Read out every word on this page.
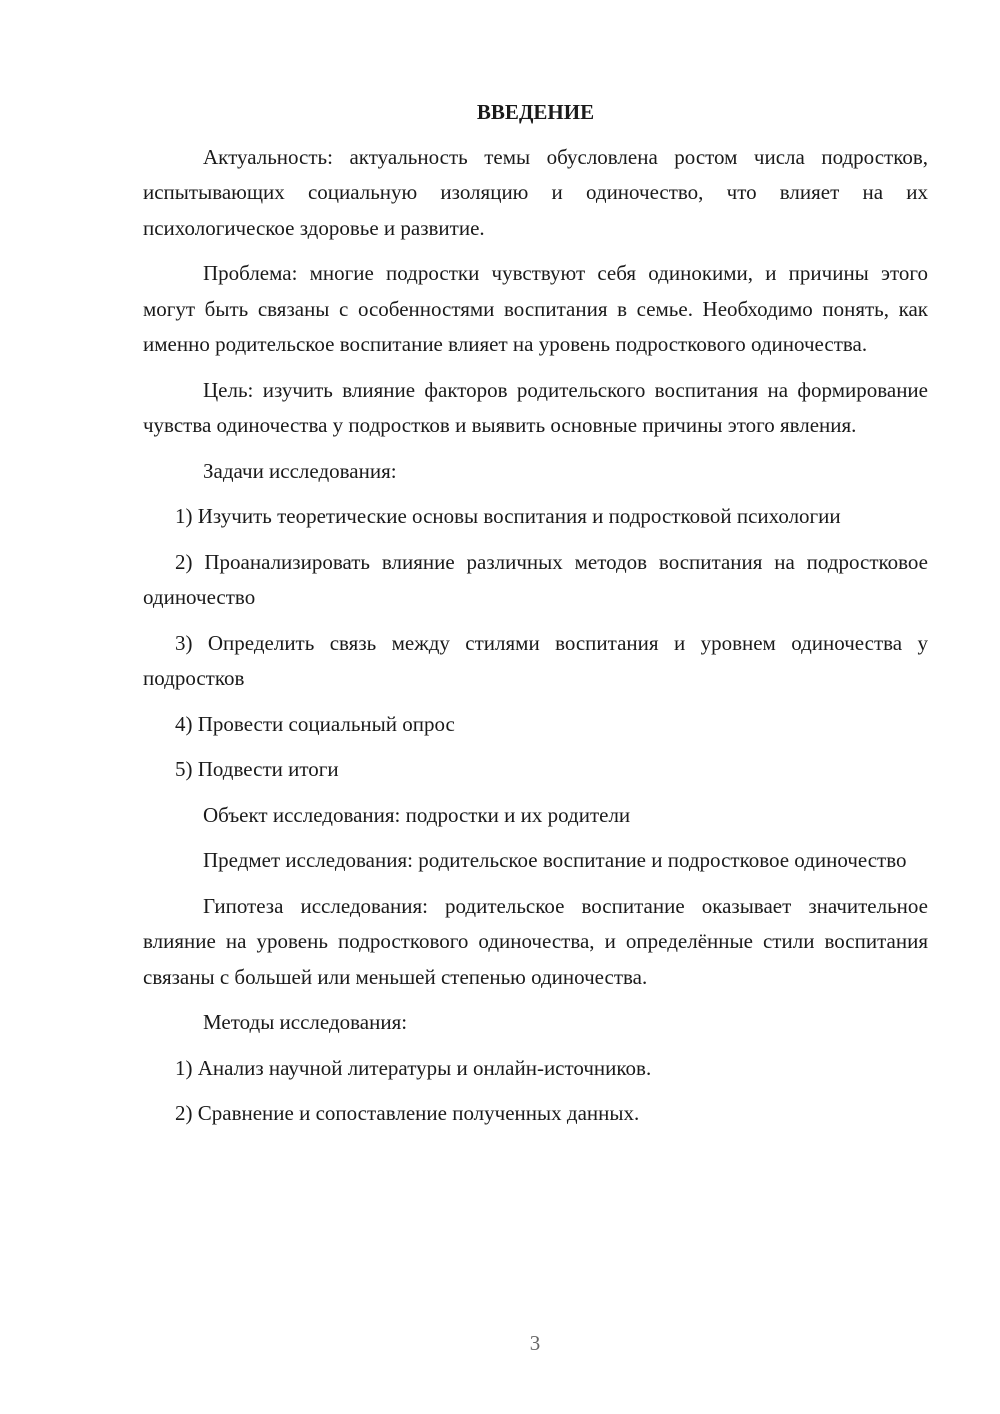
ВВЕДЕНИЕ

Актуальность: актуальность темы обусловлена ростом числа подростков, испытывающих социальную изоляцию и одиночество, что влияет на их психологическое здоровье и развитие.

Проблема: многие подростки чувствуют себя одинокими, и причины этого могут быть связаны с особенностями воспитания в семье. Необходимо понять, как именно родительское воспитание влияет на уровень подросткового одиночества.

Цель: изучить влияние факторов родительского воспитания на формирование чувства одиночества у подростков и выявить основные причины этого явления.

Задачи исследования:

1) Изучить теоретические основы воспитания и подростковой психологии

2) Проанализировать влияние различных методов воспитания на подростковое одиночество

3) Определить связь между стилями воспитания и уровнем одиночества у подростков

4) Провести социальный опрос

5) Подвести итоги

Объект исследования: подростки и их родители

Предмет исследования: родительское воспитание и подростковое одиночество

Гипотеза исследования: родительское воспитание оказывает значительное влияние на уровень подросткового одиночества, и определённые стили воспитания связаны с большей или меньшей степенью одиночества.

Методы исследования:

1) Анализ научной литературы и онлайн-источников.

2) Сравнение и сопоставление полученных данных.

3
